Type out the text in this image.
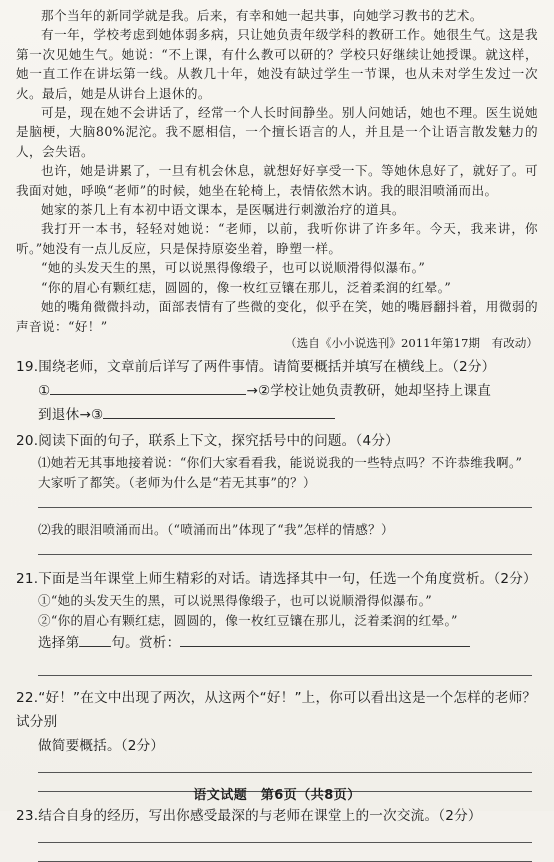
那个当年的新同学就是我。后来，有幸和她一起共事，向她学习教书的艺术。

有一年，学校考虑到她体弱多病，只让她负责年级学科的教研工作。她很生气。这是我第一次见她生气。她说：“不上课，有什么教可以研的？学校只好继续让她授课。就这样，她一直工作在讲坛第一线。从教几十年，她没有缺过学生一节课，也从未对学生发过一次火。最后，她是从讲台上退休的。

可是，现在她不会讲话了，经常一个人长时间静坐。别人问她话，她也不理。医生说她是脑梗，大脑80%泥沱。我不愿相信，一个擅长语言的人，并且是一个让语言散发魅力的人，会失语。

也许，她是讲累了，一旦有机会休息，就想好好享受一下。等她休息好了，就好了。可我面对她，呼唤“老师”的时候，她坐在轮椅上，表情依然木讷。我的眼泪喷涌而出。

她家的茶几上有本初中语文课本，是医嘱进行刺激治疗的道具。

我打开一本书，轻轻对她说：“老师，以前，我听你讲了许多年。今天，我来讲，你听。”她没有一点儿反应，只是保持原姿坐着，睁塑一样。

“她的头发天生的黑，可以说黑得像缎子，也可以说顺滑得似瀑布。”

“你的眉心有颗红痣，圆圆的，像一枚红豆镶在那儿，泛着柔润的红晕。”

她的嘴角微微抖动，面部表情有了些微的变化，似乎在笑，她的嘴唇翻抖着，用微弱的声音说：“好！”

（选自《小小说选刊》2011年第17期　有改动）

19.围绕老师，文章前后详写了两件事情。请简要概括并填写在横线上。（2分）

①	→②学校让她负责教研，她却坚持上课直

到退休→③

20.阅读下面的句子，联系上下文，探究括号中的问题。（4分）

⑴她若无其事地接着说：“你们大家看看我，能说说我的一些特点吗？不许恭维我啊。”

大家听了都笑。（老师为什么是“若无其事”的？）

⑵我的眼泪喷涌而出。（“喷涌而出”体现了“我”怎样的情感？）

21.下面是当年课堂上师生精彩的对话。请选择其中一句，任选一个角度赏析。（2分）

①“她的头发天生的黑，可以说黑得像缎子，也可以说顺滑得似瀑布。”

②“你的眉心有颗红痣，圆圆的，像一枚红豆镶在那儿，泛着柔润的红晕。”

选择第 句。赏析：

22.“好！”在文中出现了两次，从这两个“好！”上，你可以看出这是一个怎样的老师？试分别

做简要概括。（2分）

23.结合自身的经历，写出你感受最深的与老师在课堂上的一次交流。（2分）

语文试题　第6页（共8页）
